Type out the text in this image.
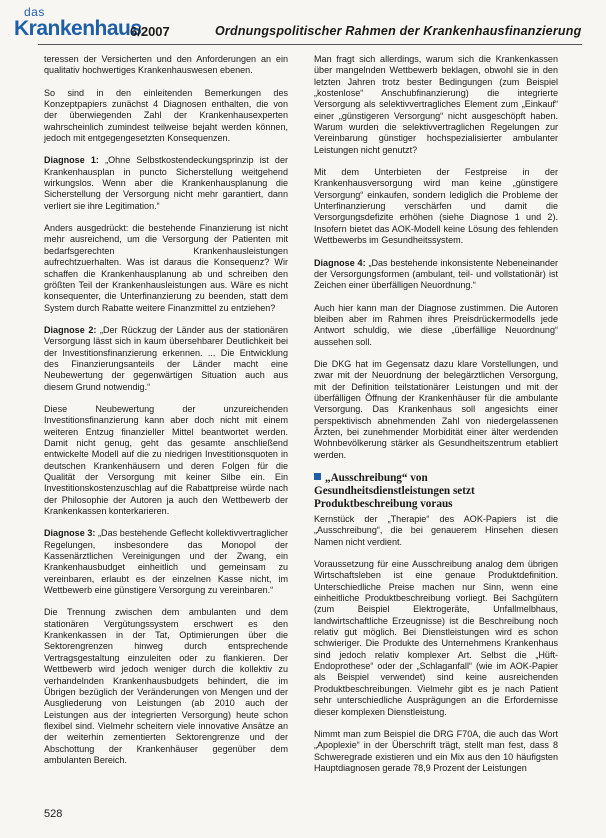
das
Krankenhaus
6/2007	Ordnungspolitischer Rahmen der Krankenhausfinanzierung

teressen der Versicherten und den Anforderungen an ein qualitativ hochwertiges Krankenhauswesen ebenen.

So sind in den einleitenden Bemerkungen des Konzeptpapiers zunächst 4 Diagnosen enthalten, die von der überwiegenden Zahl der Krankenhausexperten wahrscheinlich zumindest teilweise bejaht werden können, jedoch mit entgegengesetzten Konsequenzen.

Diagnose 1: „Ohne Selbstkostendeckungsprinzip ist der Krankenhausplan in puncto Sicherstellung weitgehend wirkungslos. Wenn aber die Krankenhausplanung die Sicherstellung der Versorgung nicht mehr garantiert, dann verliert sie ihre Legitimation.“

Anders ausgedrückt: die bestehende Finanzierung ist nicht mehr ausreichend, um die Versorgung der Patienten mit bedarfsgerechten Krankenhausleistungen aufrechtzuerhalten. Was ist daraus die Konsequenz? Wir schaffen die Krankenhausplanung ab und schreiben den größten Teil der Krankenhausleistungen aus. Wäre es nicht konsequenter, die Unterfinanzierung zu beenden, statt dem System durch Rabatte weitere Finanzmittel zu entziehen?

Diagnose 2: „Der Rückzug der Länder aus der stationären Versorgung lässt sich in kaum übersehbarer Deutlichkeit bei der Investitionsfinanzierung erkennen. ... Die Entwicklung des Finanzierungsanteils der Länder macht eine Neubewertung der gegenwärtigen Situation auch aus diesem Grund notwendig.“

Diese Neubewertung der unzureichenden Investitionsfinanzierung kann aber doch nicht mit einem weiteren Entzug finanzieller Mittel beantwortet werden. Damit nicht genug, geht das gesamte anschließend entwickelte Modell auf die zu niedrigen Investitionsquoten in deutschen Krankenhäusern und deren Folgen für die Qualität der Versorgung mit keiner Silbe ein. Ein Investitionskostenzuschlag auf die Rabattpreise würde nach der Philosophie der Autoren ja auch den Wettbewerb der Krankenkassen konterkarieren.

Diagnose 3: „Das bestehende Geflecht kollektivvertraglicher Regelungen, insbesondere das Monopol der Kassenärztlichen Vereinigungen und der Zwang, ein Krankenhausbudget einheitlich und gemeinsam zu vereinbaren, erlaubt es der einzelnen Kasse nicht, im Wettbewerb eine günstigere Versorgung zu vereinbaren.“

Die Trennung zwischen dem ambulanten und dem stationären Vergütungssystem erschwert es den Krankenkassen in der Tat, Optimierungen über die Sektorengrenzen hinweg durch entsprechende Vertragsgestaltung einzuleiten oder zu flankieren. Der Wettbewerb wird jedoch weniger durch die kollektiv zu verhandelnden Krankenhausbudgets behindert, die im Übrigen bezüglich der Veränderungen von Mengen und der Ausgliederung von Leistungen (ab 2010 auch der Leistungen aus der integrierten Versorgung) heute schon flexibel sind. Vielmehr scheitern viele innovative Ansätze an der weiterhin zementierten Sektorengrenze und der Abschottung der Krankenhäuser gegenüber dem ambulanten Bereich.

Man fragt sich allerdings, warum sich die Krankenkassen über mangelnden Wettbewerb beklagen, obwohl sie in den letzten Jahren trotz bester Bedingungen (zum Beispiel „kostenlose“ Anschubfinanzierung) die integrierte Versorgung als selektivvertragliches Element zum „Einkauf“ einer „günstigeren Versorgung“ nicht ausgeschöpft haben. Warum wurden die selektivvertraglichen Regelungen zur Vereinbarung günstiger hochspezialisierter ambulanter Leistungen nicht genutzt?

Mit dem Unterbieten der Festpreise in der Krankenhausversorgung wird man keine „günstigere Versorgung“ einkaufen, sondern lediglich die Probleme der Unterfinanzierung verschärfen und damit die Versorgungsdefizite erhöhen (siehe Diagnose 1 und 2). Insofern bietet das AOK-Modell keine Lösung des fehlenden Wettbewerbs im Gesundheitssystem.

Diagnose 4: „Das bestehende inkonsistente Nebeneinander der Versorgungsformen (ambulant, teil- und vollstationär) ist Zeichen einer überfälligen Neuordnung.“

Auch hier kann man der Diagnose zustimmen. Die Autoren bleiben aber im Rahmen ihres Preisdrückermodells jede Antwort schuldig, wie diese „überfällige Neuordnung“ aussehen soll.

Die DKG hat im Gegensatz dazu klare Vorstellungen, und zwar mit der Neuordnung der belegärztlichen Versorgung, mit der Definition teilstationärer Leistungen und mit der überfälligen Öffnung der Krankenhäuser für die ambulante Versorgung. Das Krankenhaus soll angesichts einer perspektivisch abnehmenden Zahl von niedergelassenen Ärzten, bei zunehmender Morbidität einer älter werdenden Wohnbevölkerung stärker als Gesundheitszentrum etabliert werden.

„Ausschreibung“ von Gesundheitsdienstleistungen setzt Produktbeschreibung voraus

Kernstück der „Therapie“ des AOK-Papiers ist die „Ausschreibung“, die bei genauerem Hinsehen diesen Namen nicht verdient.

Voraussetzung für eine Ausschreibung analog dem übrigen Wirtschaftsleben ist eine genaue Produktdefinition. Unterschiedliche Preise machen nur Sinn, wenn eine einheitliche Produktbeschreibung vorliegt. Bei Sachgütern (zum Beispiel Elektrogeräte, Unfallmelbhaus, landwirtschaftliche Erzeugnisse) ist die Beschreibung noch relativ gut möglich. Bei Dienstleistungen wird es schon schwieriger. Die Produkte des Unternehmens Krankenhaus sind jedoch relativ komplexer Art. Selbst die „Hüft-Endoprothese“ oder der „Schlaganfall“ (wie im AOK-Papier als Beispiel verwendet) sind keine ausreichenden Produktbeschreibungen. Vielmehr gibt es je nach Patient sehr unterschiedliche Ausprägungen an die Erfordernisse dieser komplexen Dienstleistung.

Nimmt man zum Beispiel die DRG F70A, die auch das Wort „Apoplexie“ in der Überschrift trägt, stellt man fest, dass 8 Schweregrade existieren und ein Mix aus den 10 häufigsten Hauptdiagnosen gerade 78,9 Prozent der Leistungen

528
